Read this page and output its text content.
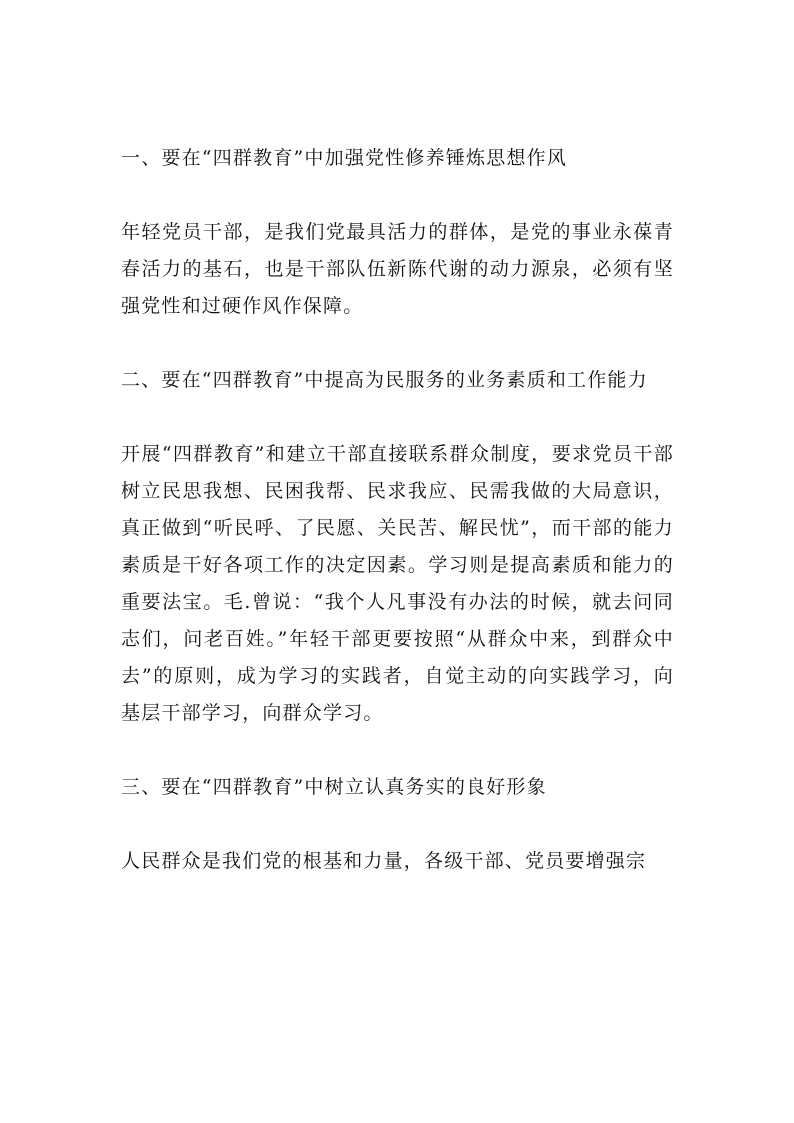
一、要在“四群教育”中加强党性修养锤炼思想作风

年轻党员干部，是我们党最具活力的群体，是党的事业永葆青春活力的基石，也是干部队伍新陈代谢的动力源泉，必须有坚强党性和过硬作风作保障。

二、要在“四群教育”中提高为民服务的业务素质和工作能力

开展“四群教育”和建立干部直接联系群众制度，要求党员干部树立民思我想、民困我帮、民求我应、民需我做的大局意识，真正做到“听民呼、了民愿、关民苦、解民忧”，而干部的能力素质是干好各项工作的决定因素。学习则是提高素质和能力的重要法宝。毛.曾说：“我个人凡事没有办法的时候，就去问同志们，问老百姓。”年轻干部更要按照“从群众中来，到群众中去”的原则，成为学习的实践者，自觉主动的向实践学习，向基层干部学习，向群众学习。

三、要在“四群教育”中树立认真务实的良好形象

人民群众是我们党的根基和力量，各级干部、党员要增强宗
